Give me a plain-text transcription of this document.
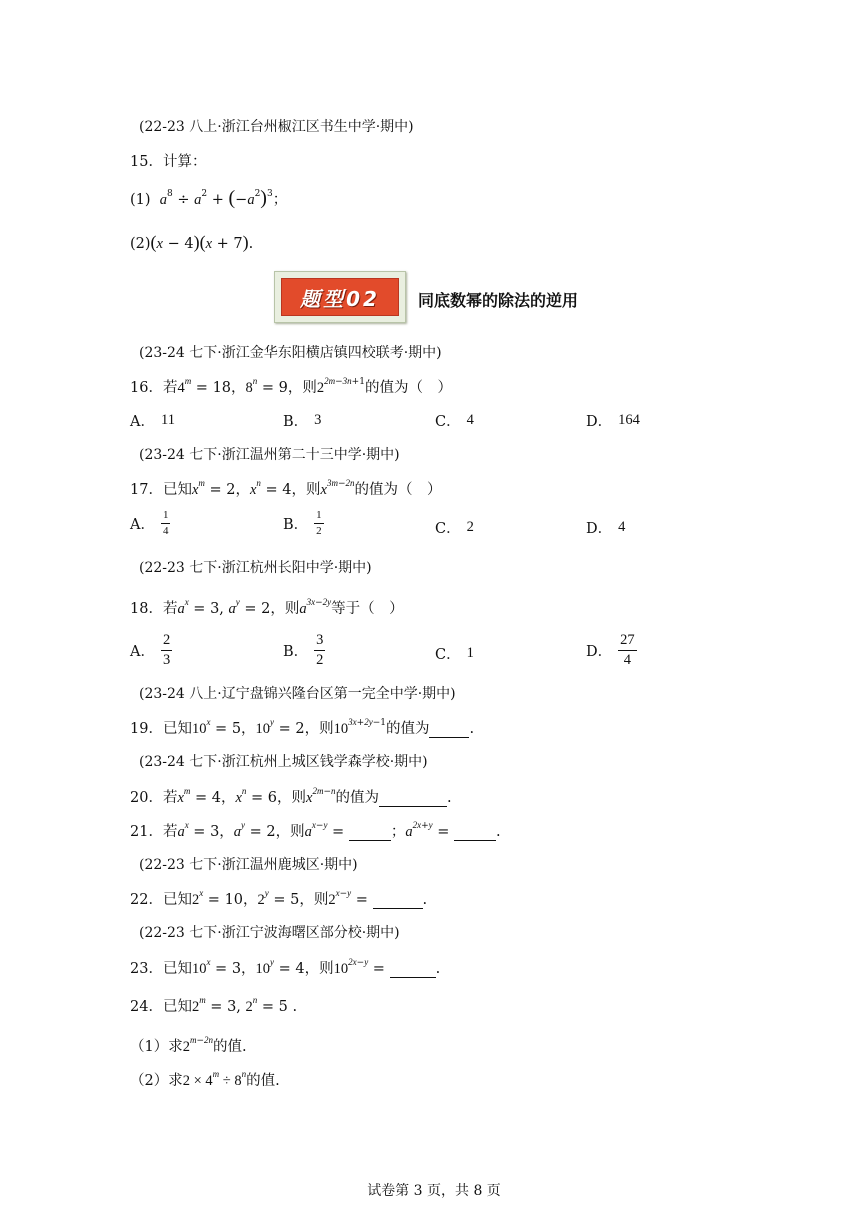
(22-23 八上·浙江台州椒江区书生中学·期中)
15．计算：
(1) $a^8 \div a^2 + (-a^2)^3$；
(2)(x − 4)(x + 7).
题型02	同底数幂的除法的逆用
(23-24 七下·浙江金华东阳横店镇四校联考·期中)
16．若$4^m = 18$，$8^n = 9$，则$2^{2m-3n+1}$的值为（　）
A． 11	B． 3	C． 4	D． 164
(23-24 七下·浙江温州第二十三中学·期中)
17．已知$x^m = 2$，$x^n = 4$，则$x^{3m-2n}$的值为（　）
A． $\frac{1}{4}$	B． $\frac{1}{2}$	C． 2	D． 4
(22-23 七下·浙江杭州长阳中学·期中)
18．若$a^x = 3$, $a^y = 2$，则$a^{3x-2y}$等于（　）
A． $\frac{2}{3}$	B． $\frac{3}{2}$	C． 1	D． $\frac{27}{4}$
(23-24 八上·辽宁盘锦兴隆台区第一完全中学·期中)
19．已知$10^x = 5$，$10^y = 2$，则$10^{3x+2y-1}$的值为	.
(23-24 七下·浙江杭州上城区钱学森学校·期中)
20．若$x^m = 4$，$x^n = 6$，则$x^{2m-n}$的值为	.
21．若$a^x = 3$，$a^y = 2$，则$a^{x-y}$ =	；$a^{2x+y}$ =	.
(22-23 七下·浙江温州鹿城区·期中)
22．已知$2^x = 10$，$2^y = 5$，则$2^{x-y}$ =	.
(22-23 七下·浙江宁波海曙区部分校·期中)
23．已知$10^x = 3$，$10^y = 4$，则$10^{2x-y}$ =	.
24．已知$2^m = 3$, $2^n = 5$ .
（1）求$2^{m-2n}$的值.
（2）求$2 \times 4^m \div 8^n$的值.
试卷第 3 页，共 8 页
